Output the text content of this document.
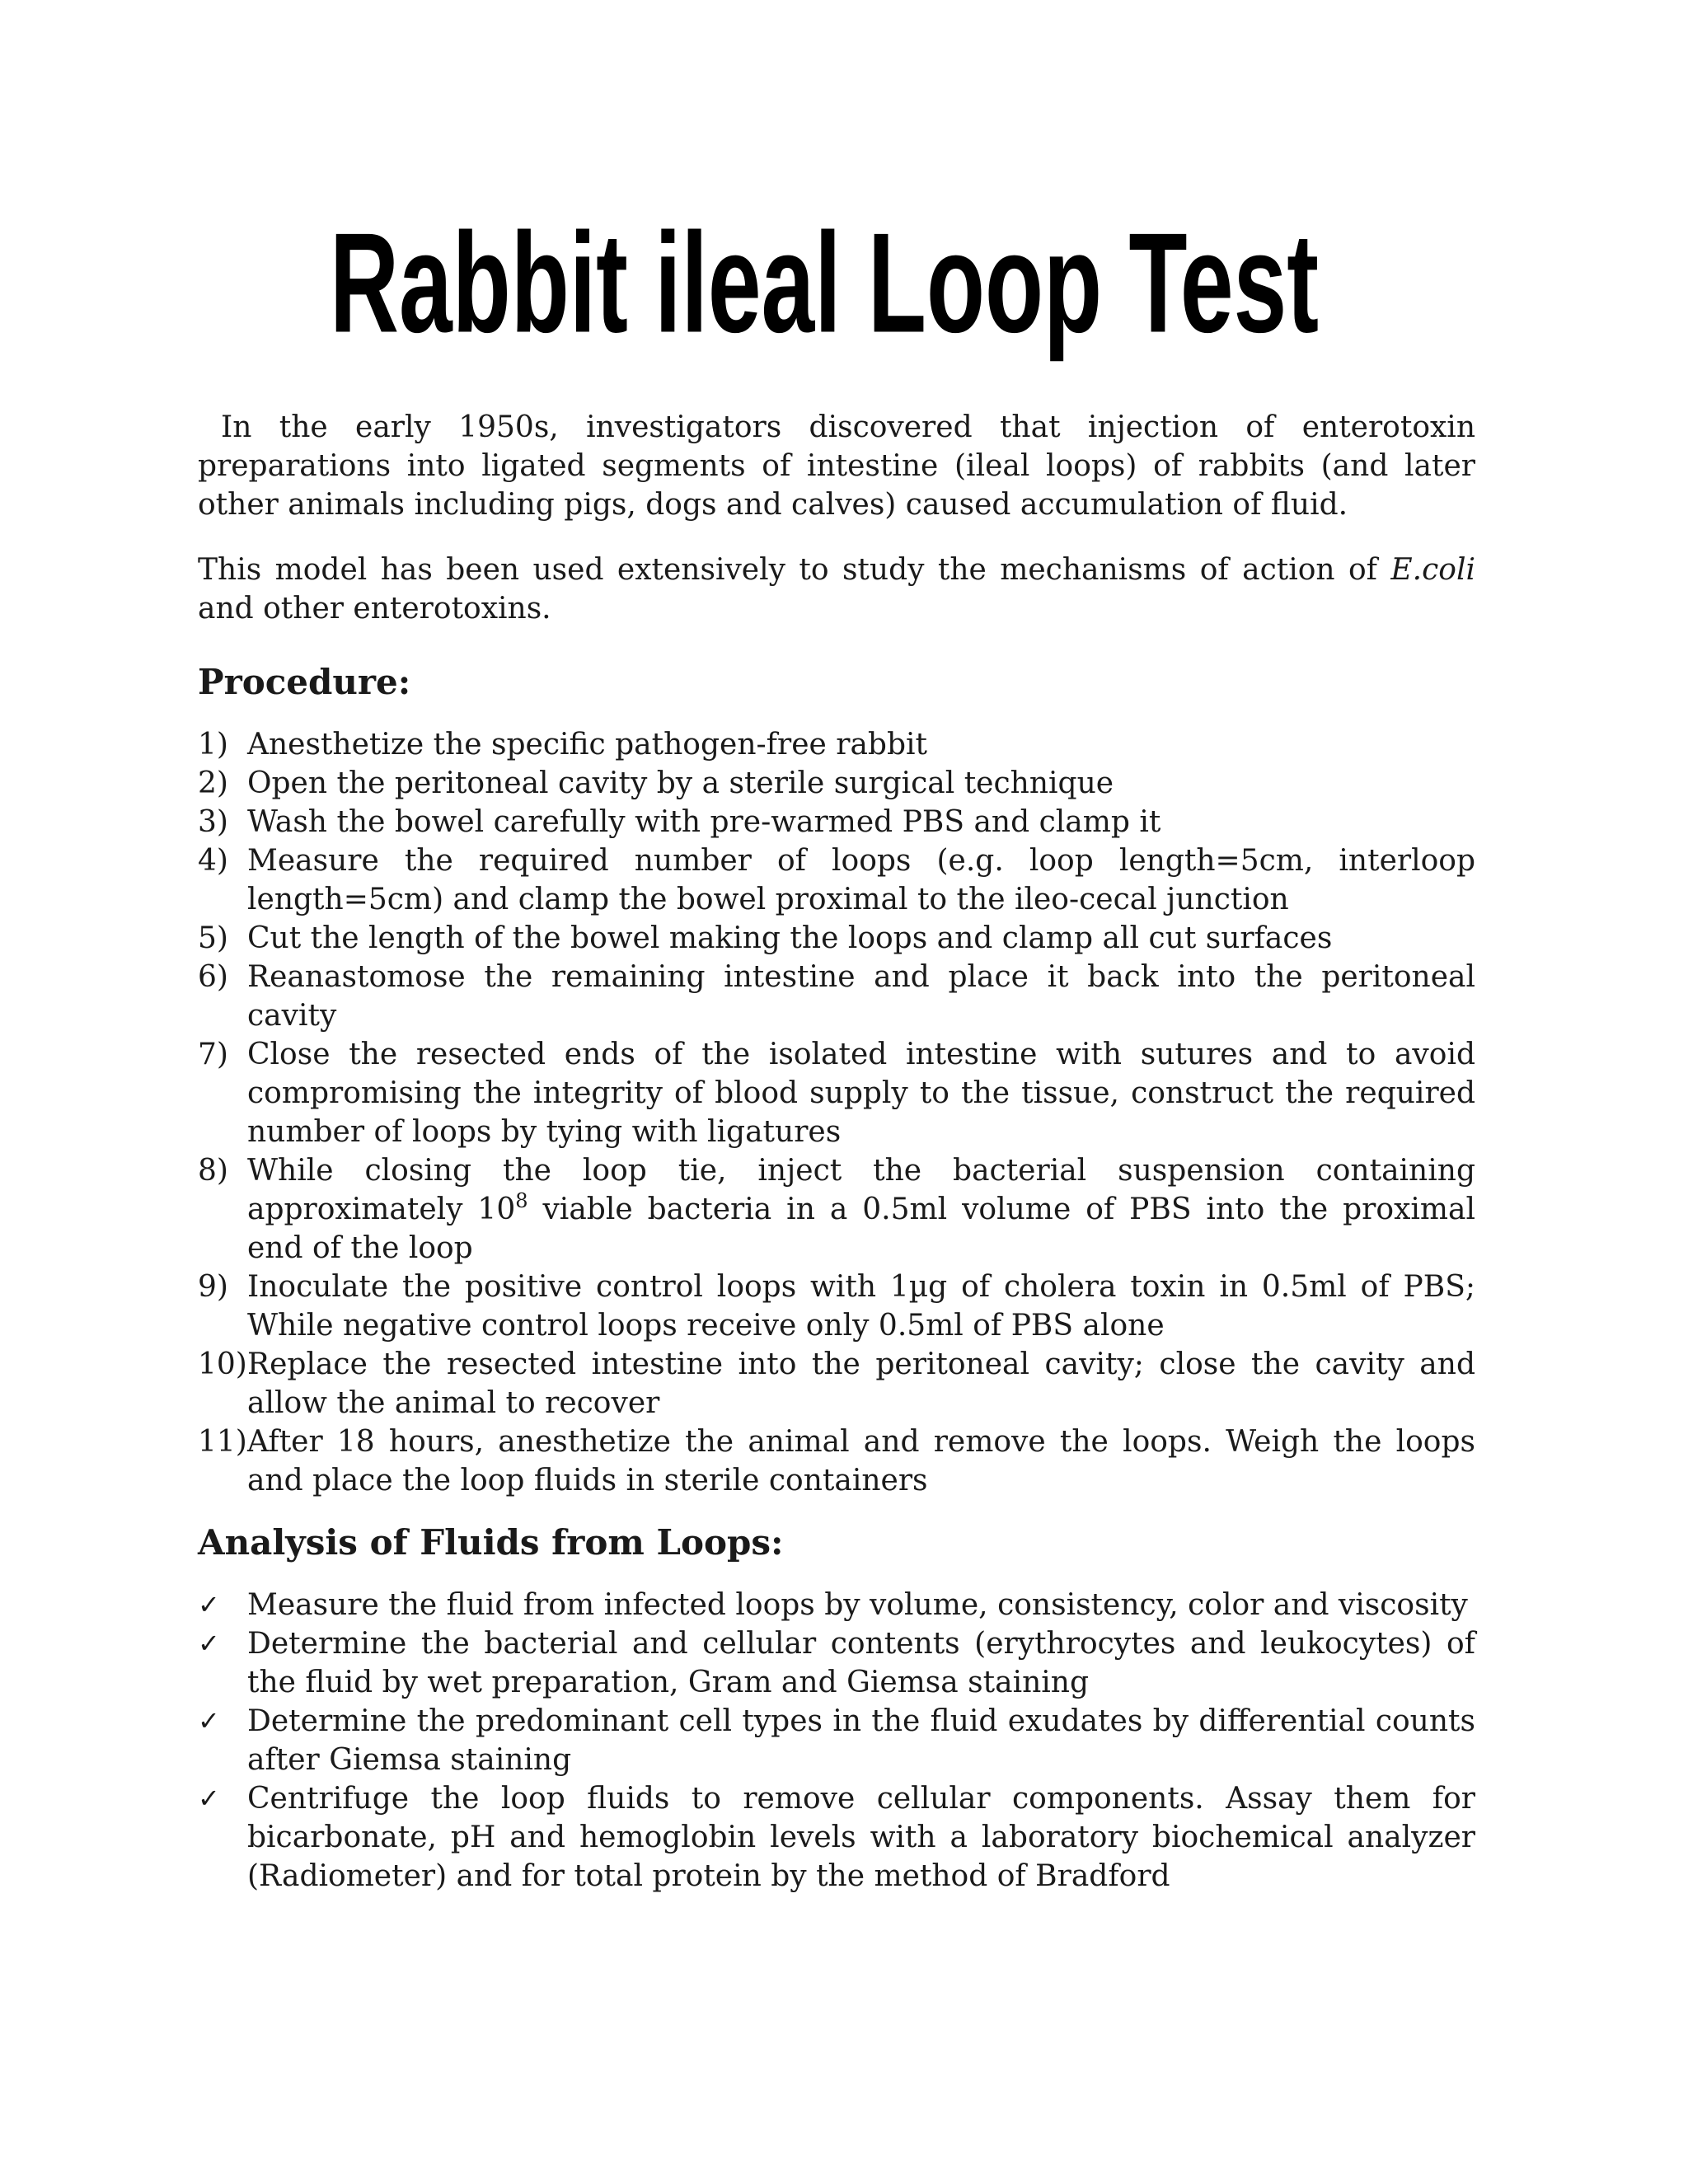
Rabbit ileal Loop Test

In the early 1950s, investigators discovered that injection of enterotoxin preparations into ligated segments of intestine (ileal loops) of rabbits (and later other animals including pigs, dogs and calves) caused accumulation of fluid.

This model has been used extensively to study the mechanisms of action of E.coli and other enterotoxins.

Procedure:
1) Anesthetize the specific pathogen-free rabbit
2) Open the peritoneal cavity by a sterile surgical technique
3) Wash the bowel carefully with pre-warmed PBS and clamp it
4) Measure the required number of loops (e.g. loop length=5cm, interloop length=5cm) and clamp the bowel proximal to the ileo-cecal junction
5) Cut the length of the bowel making the loops and clamp all cut surfaces
6) Reanastomose the remaining intestine and place it back into the peritoneal cavity
7) Close the resected ends of the isolated intestine with sutures and to avoid compromising the integrity of blood supply to the tissue, construct the required number of loops by tying with ligatures
8) While closing the loop tie, inject the bacterial suspension containing approximately $10^8$ viable bacteria in a 0.5ml volume of PBS into the proximal end of the loop
9) Inoculate the positive control loops with 1µg of cholera toxin in 0.5ml of PBS; While negative control loops receive only 0.5ml of PBS alone
10) Replace the resected intestine into the peritoneal cavity; close the cavity and allow the animal to recover
11) After 18 hours, anesthetize the animal and remove the loops. Weigh the loops and place the loop fluids in sterile containers
Analysis of Fluids from Loops:
✓ Measure the fluid from infected loops by volume, consistency, color and viscosity
✓ Determine the bacterial and cellular contents (erythrocytes and leukocytes) of the fluid by wet preparation, Gram and Giemsa staining
✓ Determine the predominant cell types in the fluid exudates by differential counts after Giemsa staining
✓ Centrifuge the loop fluids to remove cellular components. Assay them for bicarbonate, pH and hemoglobin levels with a laboratory biochemical analyzer (Radiometer) and for total protein by the method of Bradford
